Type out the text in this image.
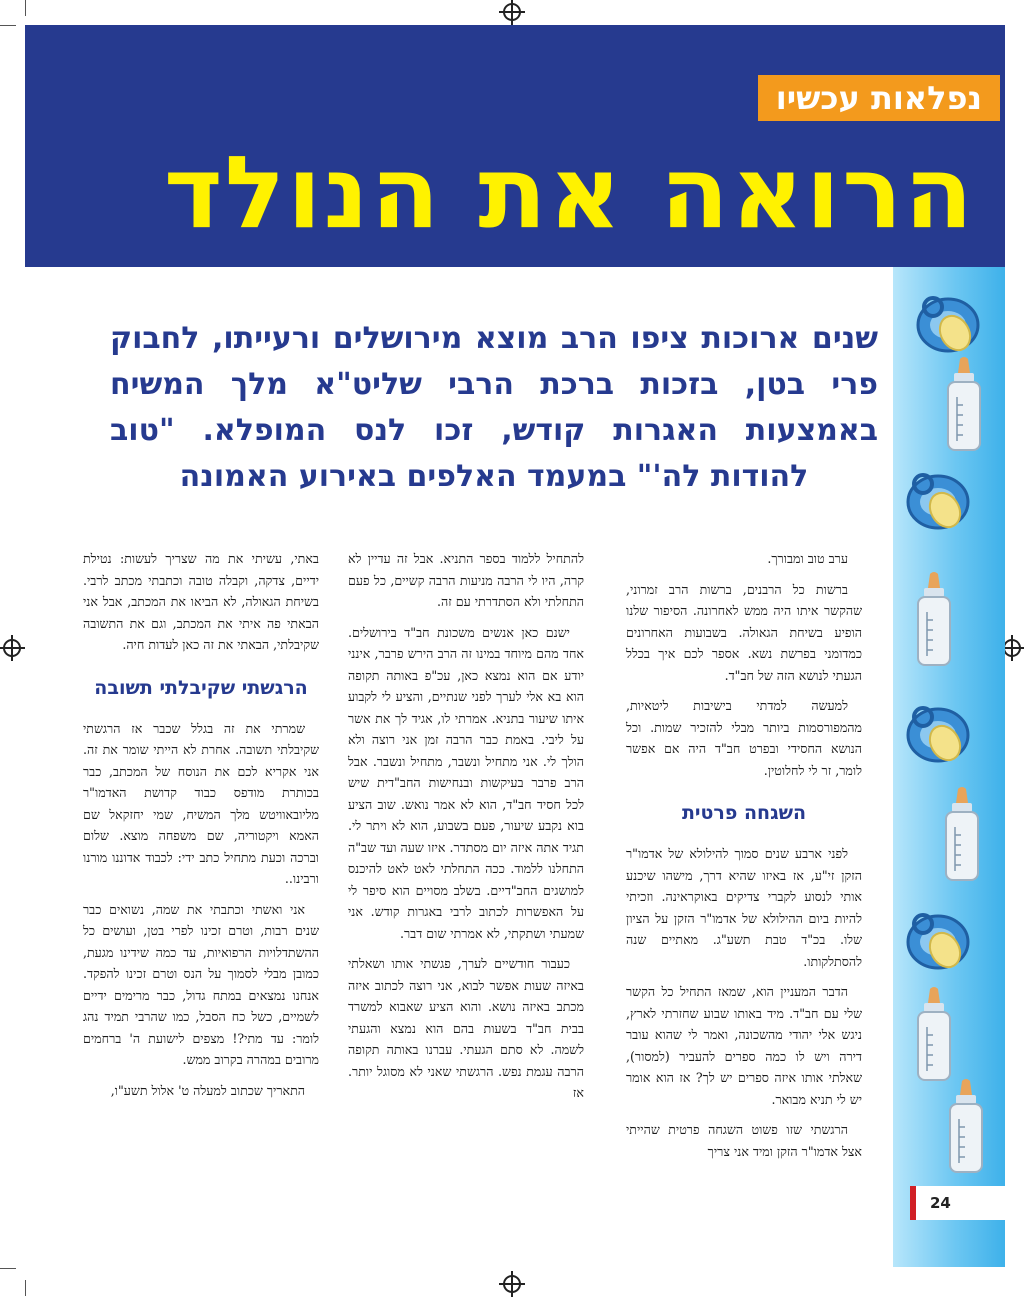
נפלאות עכשיו
הרואה את הנולד
שנים ארוכות ציפו הרב מוצא מירושלים ורעייתו, לחבוק פרי בטן, בזכות ברכת הרבי שליט"א מלך המשיח באמצעות האגרות קודש, זכו לנס המופלא. "טוב להודות לה'" במעמד האלפים באירוע האמונה

ערב טוב ומבורך.

ברשות כל הרבנים, ברשות הרב זמרוני, שהקשר איתו היה ממש לאחרונה. הסיפור שלנו הופיע בשיחת הגאולה. בשבועות האחרונים כמדומני בפרשת נשא. אספר לכם איך בכלל הגעתי לנושא הזה של חב"ד.

למעשה למדתי בישיבות ליטאיות, מהמפורסמות ביותר מבלי להזכיר שמות. וכל הנושא החסידי ובפרט חב"ד היה אם אפשר לומר, זר לי לחלוטין.

השגחה פרטית

לפני ארבע שנים סמוך להילולא של אדמו"ר הזקן זי"ע, אז באיזו שהיא דרך, מישהו שיכנע אותי לנסוע לקברי צדיקים באוקראינה. וזכיתי להיות ביום ההילולא של אדמו"ר הזקן על הציון שלו. בכ"ד טבת תשע"ג. מאתיים שנה להסתלקותו.

הדבר המעניין הוא, שמאז התחיל כל הקשר שלי עם חב"ד. מיד באותו שבוע שחזרתי לארץ, ניגש אלי יהודי מהשכונה, ואמר לי שהוא עובר דירה ויש לו כמה ספרים להעביר (למסור), שאלתי אותו איזה ספרים יש לך? אז הוא אומר יש לי תניא מבואר.

הרגשתי שזו פשוט השגחה פרטית שהייתי אצל אדמו"ר הזקן ומיד אני צריך

להתחיל ללמוד בספר התניא. אבל זה עדיין לא קרה, היו לי הרבה מניעות הרבה קשיים, כל פעם התחלתי ולא הסתדרתי עם זה.

ישנם כאן אנשים משכונת חב"ד בירושלים. אחד מהם מיוחד במינו זה הרב הירש פרבר, אינני יודע אם הוא נמצא כאן, עכ"פ באותה תקופה הוא בא אלי לערך לפני שנתיים, והציע לי לקבוע איתו שיעור בתניא. אמרתי לו, אגיד לך את אשר על ליבי. באמת כבר הרבה זמן אני רוצה ולא הולך לי. אני מתחיל ונשבר, מתחיל ונשבר. אבל הרב פרבר בעיקשות ובנחישות החב"דית שיש לכל חסיד חב"ד, הוא לא אמר נואש. שוב הציע בוא נקבע שיעור, פעם בשבוע, הוא לא ויתר לי. תגיד אתה איזה יום מסתדר. איזו שעה ועד שב"ה התחלנו ללמוד. ככה התחלתי לאט לאט להיכנס למושגים החב"דיים. בשלב מסויים הוא סיפר לי על האפשרות לכתוב לרבי באגרות קודש. אני שמעתי ושתקתי, לא אמרתי שום דבר.

כעבור חודשיים לערך, פגשתי אותו ושאלתי באיזה שעות אפשר לבוא, אני רוצה לכתוב איזה מכתב באיזה נושא. והוא הציע שאבוא למשרד בבית חב"ד בשעות בהם הוא נמצא והגעתי לשמה. לא סתם הגעתי. עברנו באותה תקופה הרבה עגמת נפש. הרגשתי שאני לא מסוגל יותר. אז

באתי, עשיתי את מה שצריך לעשות: נטילת ידיים, צדקה, וקבלה טובה וכתבתי מכתב לרבי. בשיחת הגאולה, לא הביאו את המכתב, אבל אני הבאתי פה איתי את המכתב, וגם את התשובה שקיבלתי, הבאתי את זה כאן לעדות חיה.

הרגשתי שקיבלתי תשובה

שמרתי את זה בגלל שכבר אז הרגשתי שקיבלתי תשובה. אחרת לא הייתי שומר את זה. אני אקריא לכם את הנוסח של המכתב, כבר בכותרת מודפס כבוד קדושת האדמו"ר מליובאוויטש מלך המשיח, שמי יחזקאל שם האמא ויקטוריה, שם משפחה מוצא. שלום וברכה וכעת מתחיל כתב ידי: לכבוד אדוננו מורנו ורבינו..

אני ואשתי וכתבתי את שמה, נשואים כבר שנים רבות, וטרם זכינו לפרי בטן, ועושים כל ההשתדלויות הרפואיות, עד כמה שידינו מגעת, כמובן מבלי לסמוך על הנס וטרם זכינו להפקד. אנחנו נמצאים במתח גדול, כבר מרימים ידיים לשמיים, כשל כח הסבל, כמו שהרבי תמיד נהג לומר: עד מתי?! מצפים לישועת ה' ברחמים מרובים במהרה בקרוב ממש.

התאריך שכתוב למעלה ט' אלול תשע"ו,

24
